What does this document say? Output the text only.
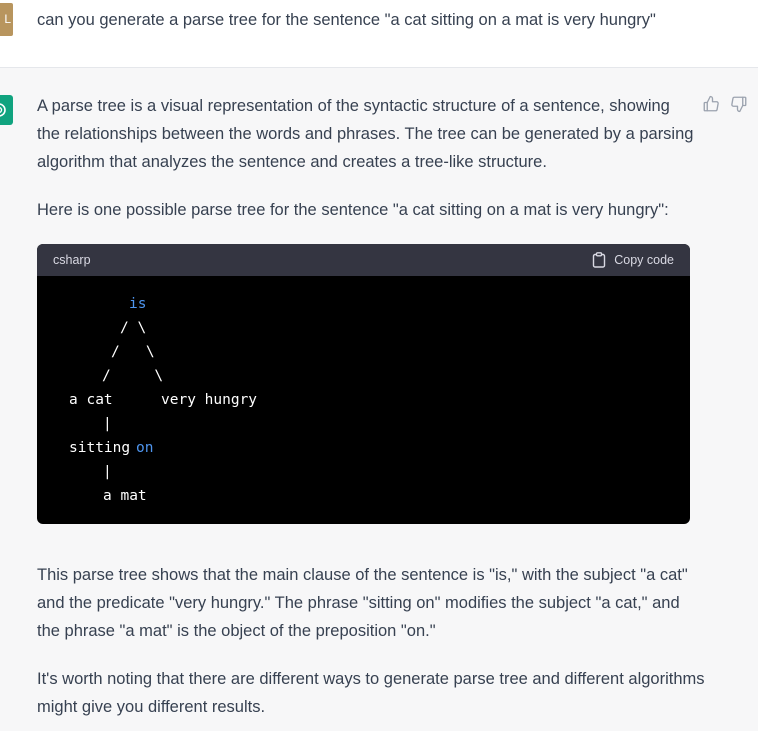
L can you generate a parse tree for the sentence "a cat sitting on a mat is very hungry"

A parse tree is a visual representation of the syntactic structure of a sentence, showing the relationships between the words and phrases. The tree can be generated by a parsing algorithm that analyzes the sentence and creates a tree-like structure.

Here is one possible parse tree for the sentence "a cat sitting on a mat is very hungry":

csharp	Copy code
is
/ \
/   \
/     \
a cat	very hungry
|
sitting on
|
a mat

This parse tree shows that the main clause of the sentence is "is," with the subject "a cat" and the predicate "very hungry." The phrase "sitting on" modifies the subject "a cat," and the phrase "a mat" is the object of the preposition "on."

It's worth noting that there are different ways to generate parse tree and different algorithms might give you different results.
